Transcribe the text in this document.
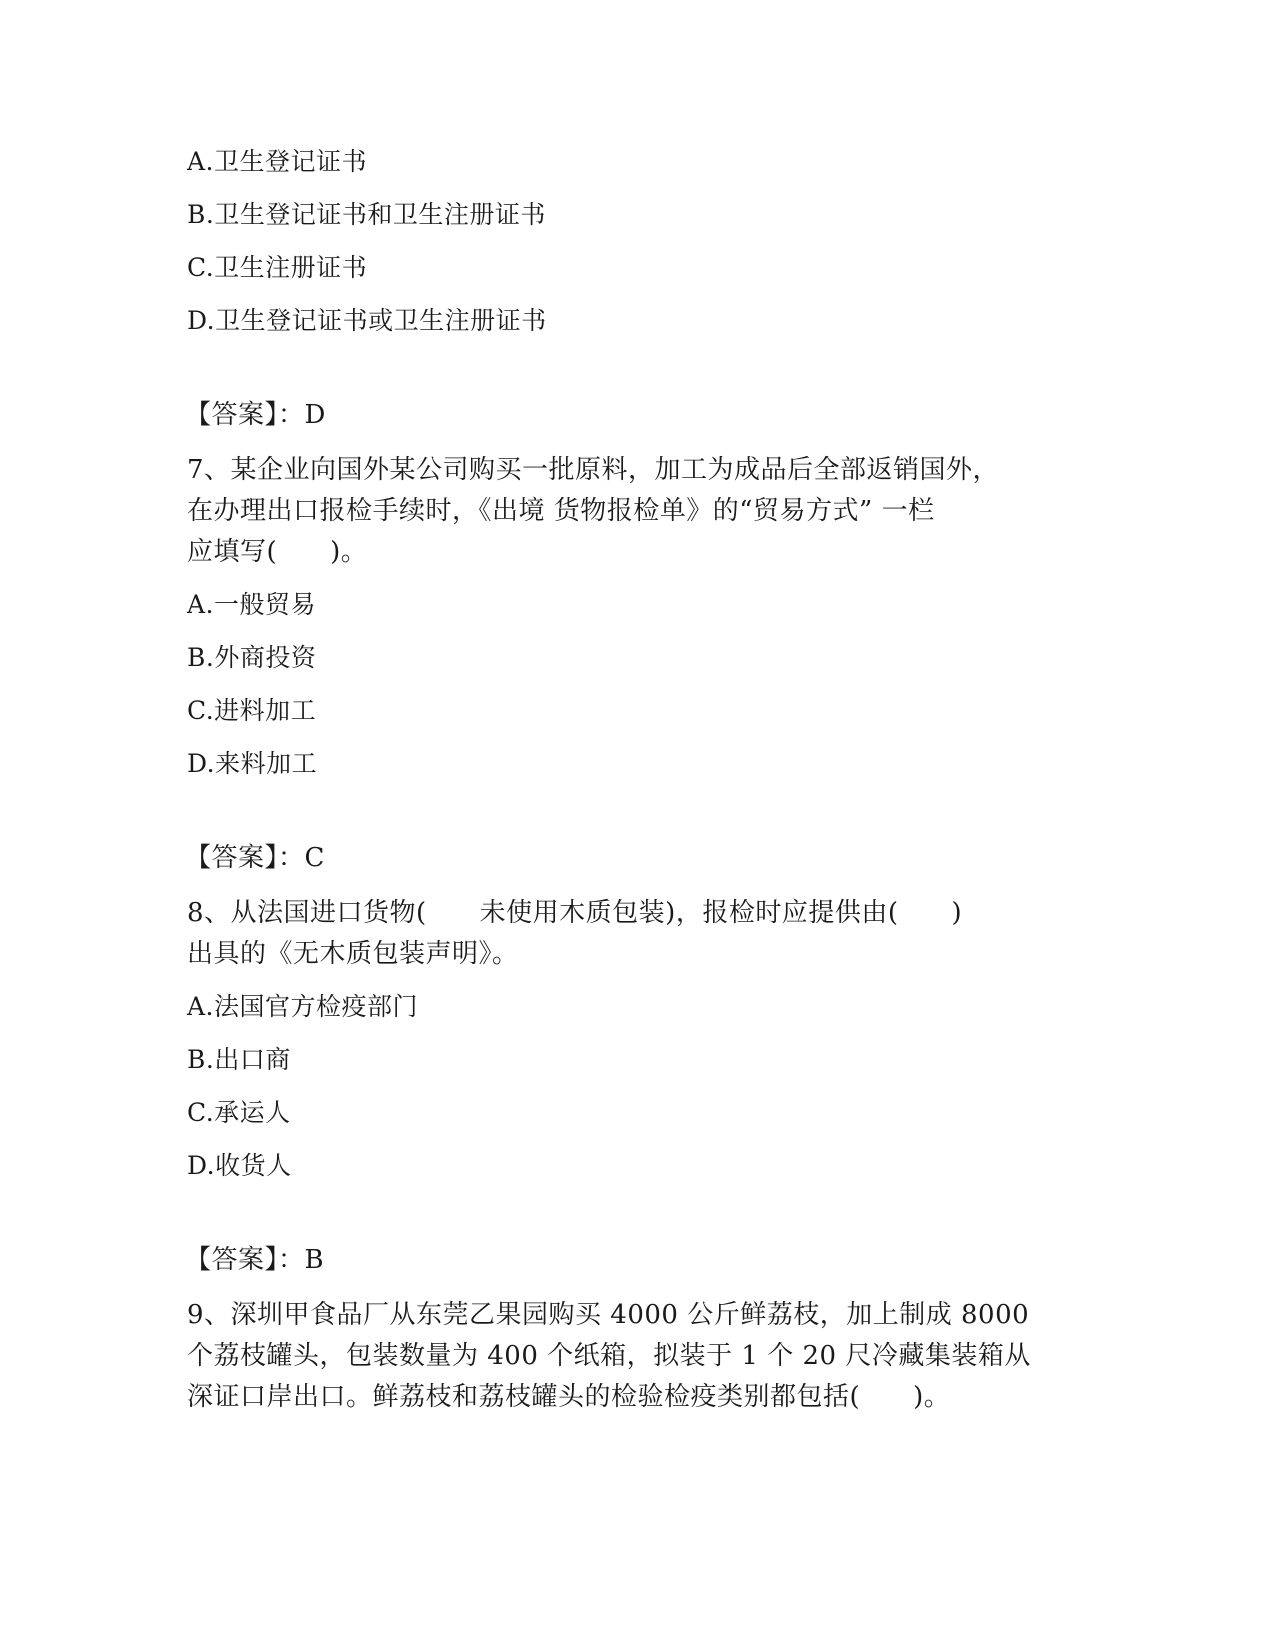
A.卫生登记证书
B.卫生登记证书和卫生注册证书
C.卫生注册证书
D.卫生登记证书或卫生注册证书
【答案】：D
7、某企业向国外某公司购买一批原料，加工为成品后全部返销国外，
在办理出口报检手续时，《出境 货物报检单》的“贸易方式” 一栏
应填写(　　)。
A.一般贸易
B.外商投资
C.进料加工
D.来料加工
【答案】：C
8、从法国进口货物(　　未使用木质包装)，报检时应提供由(　　)
出具的《无木质包装声明》。
A.法国官方检疫部门
B.出口商
C.承运人
D.收货人
【答案】：B
9、深圳甲食品厂从东莞乙果园购买 4000 公斤鲜荔枝，加上制成 8000
个荔枝罐头，包装数量为 400 个纸箱，拟装于 1 个 20 尺冷藏集装箱从
深证口岸出口。鲜荔枝和荔枝罐头的检验检疫类别都包括(　　)。
